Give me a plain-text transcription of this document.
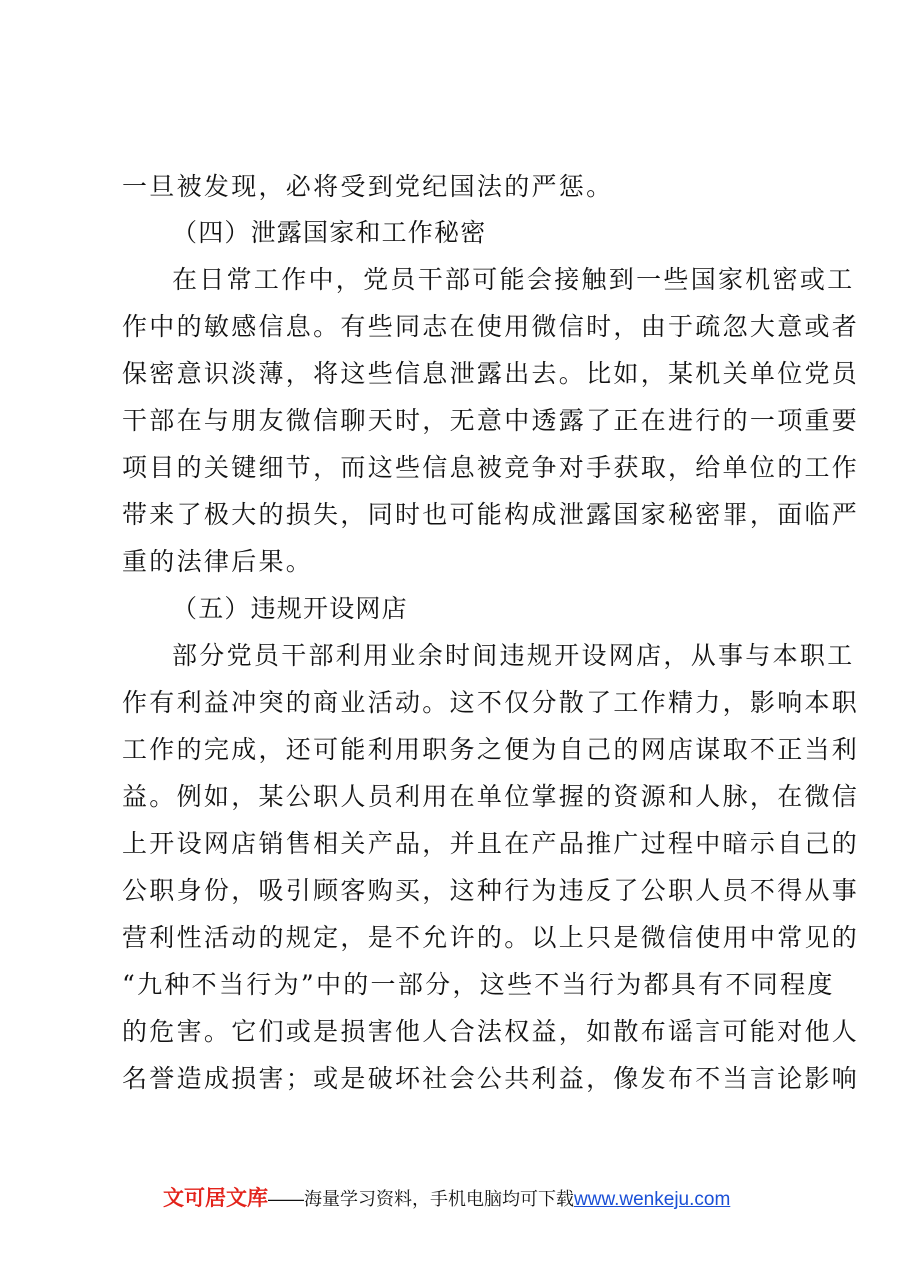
一旦被发现，必将受到党纪国法的严惩。
（四）泄露国家和工作秘密
在日常工作中，党员干部可能会接触到一些国家机密或工
作中的敏感信息。有些同志在使用微信时，由于疏忽大意或者
保密意识淡薄，将这些信息泄露出去。比如，某机关单位党员
干部在与朋友微信聊天时，无意中透露了正在进行的一项重要
项目的关键细节，而这些信息被竞争对手获取，给单位的工作
带来了极大的损失，同时也可能构成泄露国家秘密罪，面临严
重的法律后果。
（五）违规开设网店
部分党员干部利用业余时间违规开设网店，从事与本职工
作有利益冲突的商业活动。这不仅分散了工作精力，影响本职
工作的完成，还可能利用职务之便为自己的网店谋取不正当利
益。例如，某公职人员利用在单位掌握的资源和人脉，在微信
上开设网店销售相关产品，并且在产品推广过程中暗示自己的
公职身份，吸引顾客购买，这种行为违反了公职人员不得从事
营利性活动的规定，是不允许的。以上只是微信使用中常见的
“九种不当行为”中的一部分，这些不当行为都具有不同程度
的危害。它们或是损害他人合法权益，如散布谣言可能对他人
名誉造成损害；或是破坏社会公共利益，像发布不当言论影响
文可居文库——海量学习资料，手机电脑均可下载www.wenkeju.com
